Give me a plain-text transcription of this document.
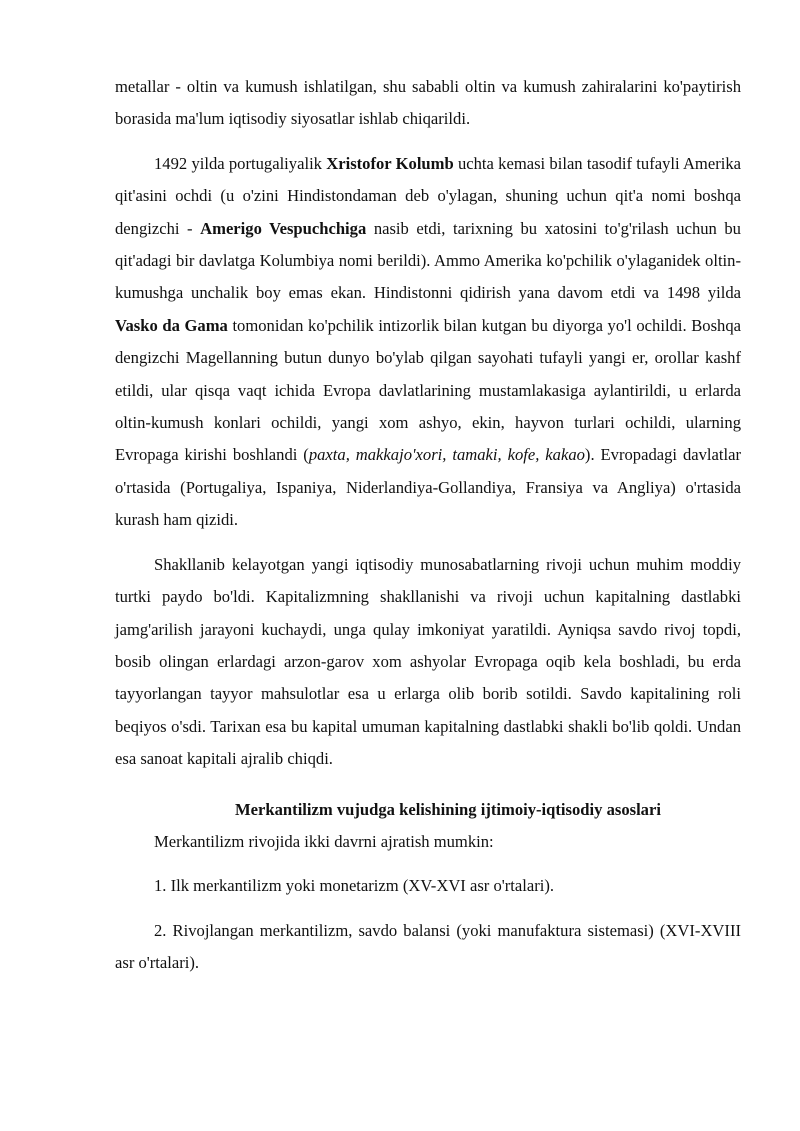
metallar - oltin va kumush ishlatilgan, shu sababli oltin va kumush zahiralarini ko'paytirish borasida ma'lum iqtisodiy siyosatlar ishlab chiqarildi.

1492 yilda portugaliyalik Xristofor Kolumb uchta kemasi bilan tasodif tufayli Amerika qit'asini ochdi (u o'zini Hindistondaman deb o'ylagan, shuning uchun qit'a nomi boshqa dengizchi - Amerigo Vespuchchiga nasib etdi, tarixning bu xatosini to'g'rilash uchun bu qit'adagi bir davlatga Kolumbiya nomi berildi). Ammo Amerika ko'pchilik o'ylaganidek oltin-kumushga unchalik boy emas ekan. Hindistonni qidirish yana davom etdi va 1498 yilda Vasko da Gama tomonidan ko'pchilik intizorlik bilan kutgan bu diyorga yo'l ochildi. Boshqa dengizchi Magellanning butun dunyo bo'ylab qilgan sayohati tufayli yangi er, orollar kashf etildi, ular qisqa vaqt ichida Evropa davlatlarining mustamlakasiga aylantirildi, u erlarda oltin-kumush konlari ochildi, yangi xom ashyo, ekin, hayvon turlari ochildi, ularning Evropaga kirishi boshlandi (paxta, makkajo'xori, tamaki, kofe, kakao). Evropadagi davlatlar o'rtasida (Portugaliya, Ispaniya, Niderlandiya-Gollandiya, Fransiya va Angliya) o'rtasida kurash ham qizidi.

Shakllanib kelayotgan yangi iqtisodiy munosabatlarning rivoji uchun muhim moddiy turtki paydo bo'ldi. Kapitalizmning shakllanishi va rivoji uchun kapitalning dastlabki jamg'arilish jarayoni kuchaydi, unga qulay imkoniyat yaratildi. Ayniqsa savdo rivoj topdi, bosib olingan erlardagi arzon-garov xom ashyolar Evropaga oqib kela boshladi, bu erda tayyorlangan tayyor mahsulotlar esa u erlarga olib borib sotildi. Savdo kapitalining roli beqiyos o'sdi. Tarixan esa bu kapital umuman kapitalning dastlabki shakli bo'lib qoldi. Undan esa sanoat kapitali ajralib chiqdi.

Merkantilizm vujudga kelishining ijtimoiy-iqtisodiy asoslari

Merkantilizm rivojida ikki davrni ajratish mumkin:

1. Ilk merkantilizm yoki monetarizm (XV-XVI asr o'rtalari).

2. Rivojlangan merkantilizm, savdo balansi (yoki manufaktura sistemasi) (XVI-XVIII asr o'rtalari).
